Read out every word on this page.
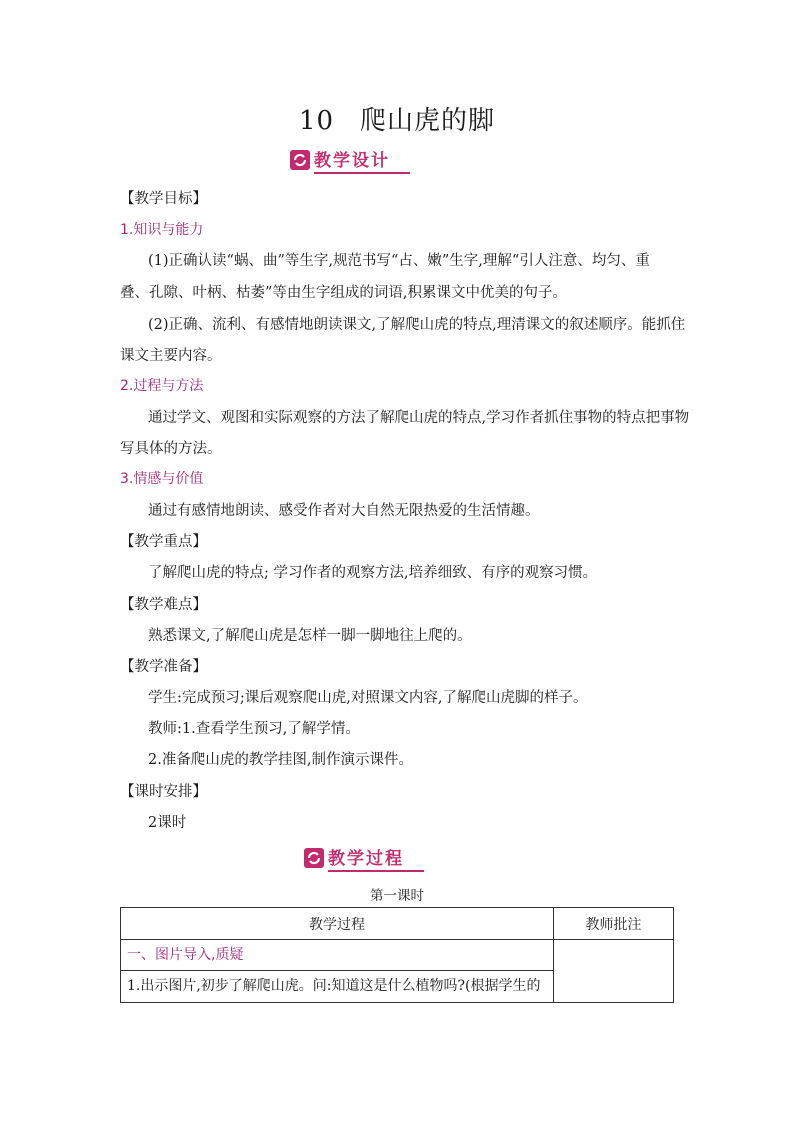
10 爬山虎的脚
教学设计
【教学目标】
1.知识与能力
(1)正确认读“蜗、曲”等生字,规范书写“占、嫩”生字,理解“引人注意、均匀、重
叠、孔隙、叶柄、枯萎”等由生字组成的词语,积累课文中优美的句子。
(2)正确、流利、有感情地朗读课文,了解爬山虎的特点,理清课文的叙述顺序。能抓住
课文主要内容。
2.过程与方法
通过学文、观图和实际观察的方法了解爬山虎的特点,学习作者抓住事物的特点把事物
写具体的方法。
3.情感与价值
通过有感情地朗读、感受作者对大自然无限热爱的生活情趣。
【教学重点】
了解爬山虎的特点; 学习作者的观察方法,培养细致、有序的观察习惯。
【教学难点】
熟悉课文,了解爬山虎是怎样一脚一脚地往上爬的。
【教学准备】
学生:完成预习;课后观察爬山虎,对照课文内容,了解爬山虎脚的样子。
教师:1.查看学生预习,了解学情。
2.准备爬山虎的教学挂图,制作演示课件。
【课时安排】
2课时
教学过程
第一课时
教学过程	教师批注

一、图片导入,质疑
1.出示图片,初步了解爬山虎。问:知道这是什么植物吗?(根据学生的	
